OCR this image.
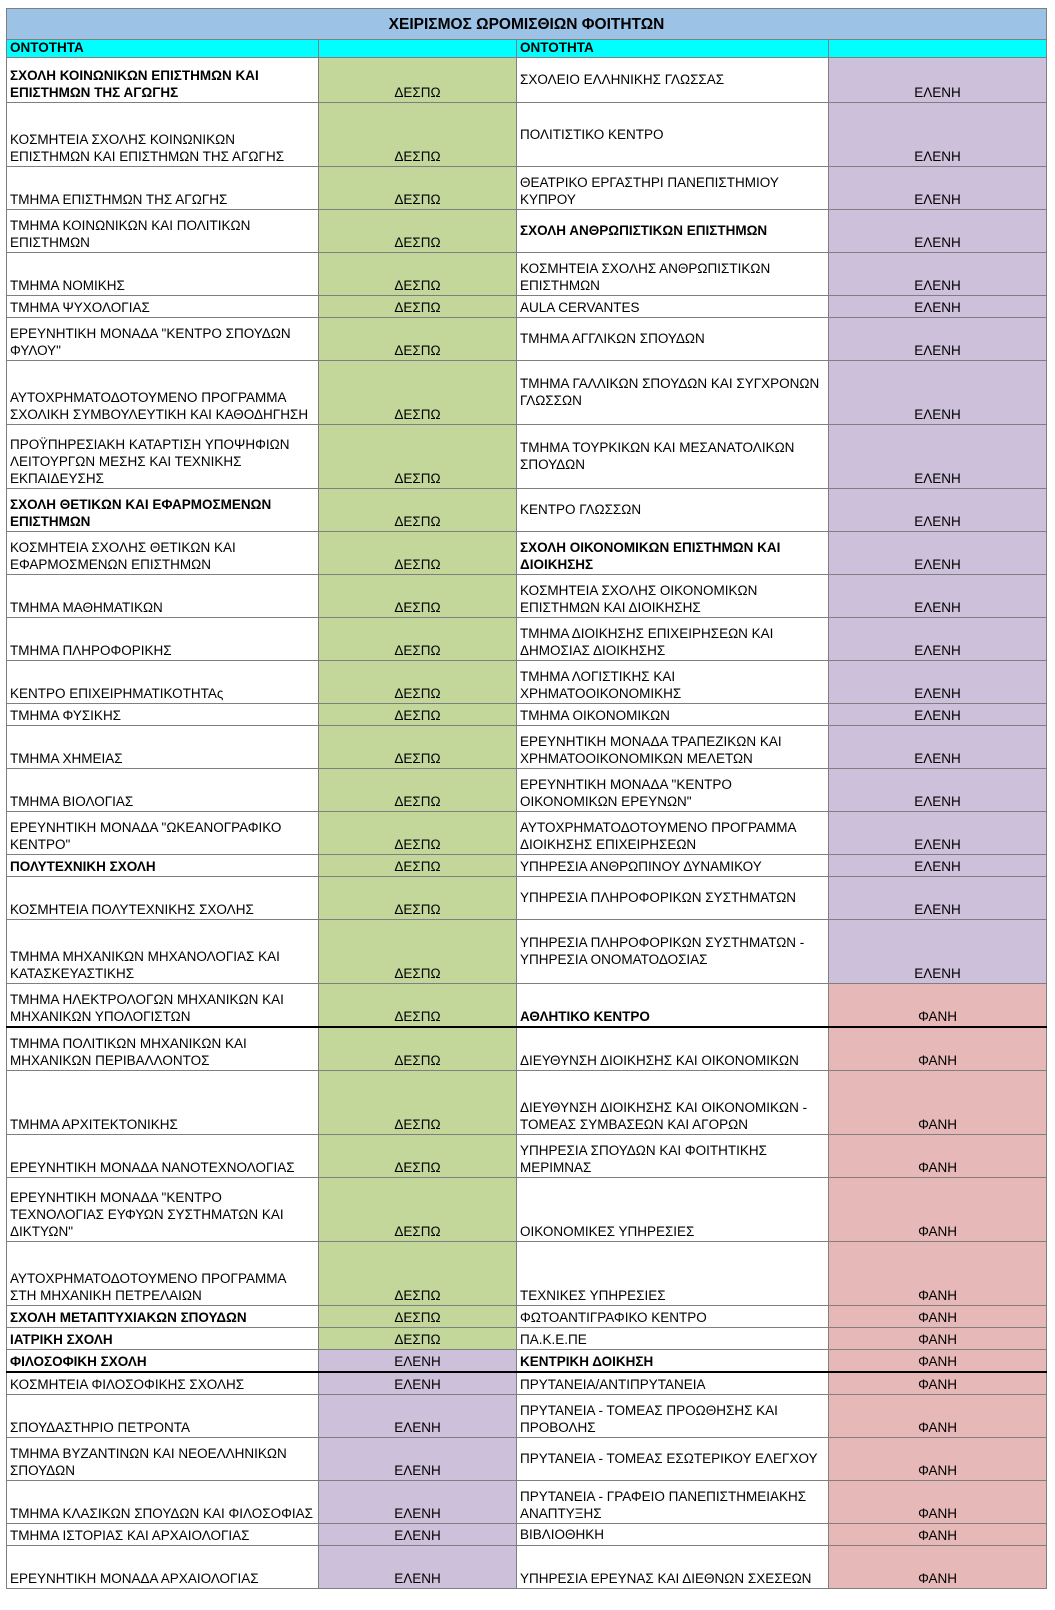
ΧΕΙΡΙΣΜΟΣ ΩΡΟΜΙΣΘΙΩΝ ΦΟΙΤΗΤΩΝ			
ΟΝΤΟΤΗΤΑ		ΟΝΤΟΤΗΤΑ	
ΣΧΟΛΗ ΚΟΙΝΩΝΙΚΩΝ ΕΠΙΣΤΗΜΩΝ ΚΑΙ ΕΠΙΣΤΗΜΩΝ ΤΗΣ ΑΓΩΓΗΣ	ΔΕΣΠΩ	ΣΧΟΛΕΙΟ ΕΛΛΗΝΙΚΗΣ ΓΛΩΣΣΑΣ	ΕΛΕΝΗ
ΚΟΣΜΗΤΕΙΑ ΣΧΟΛΗΣ ΚΟΙΝΩΝΙΚΩΝ ΕΠΙΣΤΗΜΩΝ ΚΑΙ ΕΠΙΣΤΗΜΩΝ ΤΗΣ ΑΓΩΓΗΣ	ΔΕΣΠΩ	ΠΟΛΙΤΙΣΤΙΚΟ ΚΕΝΤΡΟ	ΕΛΕΝΗ
ΤΜΗΜΑ ΕΠΙΣΤΗΜΩΝ ΤΗΣ ΑΓΩΓΗΣ	ΔΕΣΠΩ	ΘΕΑΤΡΙΚΟ ΕΡΓΑΣΤΗΡΙ ΠΑΝΕΠΙΣΤΗΜΙΟΥ ΚΥΠΡΟΥ	ΕΛΕΝΗ
ΤΜΗΜΑ ΚΟΙΝΩΝΙΚΩΝ ΚΑΙ ΠΟΛΙΤΙΚΩΝ ΕΠΙΣΤΗΜΩΝ	ΔΕΣΠΩ	ΣΧΟΛΗ ΑΝΘΡΩΠΙΣΤΙΚΩΝ ΕΠΙΣΤΗΜΩΝ	ΕΛΕΝΗ
ΤΜΗΜΑ ΝΟΜΙΚΗΣ	ΔΕΣΠΩ	ΚΟΣΜΗΤΕΙΑ ΣΧΟΛΗΣ ΑΝΘΡΩΠΙΣΤΙΚΩΝ ΕΠΙΣΤΗΜΩΝ	ΕΛΕΝΗ
ΤΜΗΜΑ ΨΥΧΟΛΟΓΙΑΣ	ΔΕΣΠΩ	AULA CERVANTES	ΕΛΕΝΗ
ΕΡΕΥΝΗΤΙΚΗ ΜΟΝΑΔΑ "ΚΕΝΤΡΟ ΣΠΟΥΔΩΝ ΦΥΛΟΥ"	ΔΕΣΠΩ	ΤΜΗΜΑ ΑΓΓΛΙΚΩΝ ΣΠΟΥΔΩΝ	ΕΛΕΝΗ
ΑΥΤΟΧΡΗΜΑΤΟΔΟΤΟΥΜΕΝΟ ΠΡΟΓΡΑΜΜΑ ΣΧΟΛΙΚΗ ΣΥΜΒΟΥΛΕΥΤΙΚΗ ΚΑΙ ΚΑΘΟΔΗΓΗΣΗ	ΔΕΣΠΩ	ΤΜΗΜΑ ΓΑΛΛΙΚΩΝ ΣΠΟΥΔΩΝ ΚΑΙ ΣΥΓΧΡΟΝΩΝ ΓΛΩΣΣΩΝ	ΕΛΕΝΗ
ΠΡΟΫΠΗΡΕΣΙΑΚΗ ΚΑΤΑΡΤΙΣΗ ΥΠΟΨΗΦΙΩΝ ΛΕΙΤΟΥΡΓΩΝ ΜΕΣΗΣ ΚΑΙ ΤΕΧΝΙΚΗΣ ΕΚΠΑΙΔΕΥΣΗΣ	ΔΕΣΠΩ	ΤΜΗΜΑ ΤΟΥΡΚΙΚΩΝ ΚΑΙ ΜΕΣΑΝΑΤΟΛΙΚΩΝ ΣΠΟΥΔΩΝ	ΕΛΕΝΗ
ΣΧΟΛΗ ΘΕΤΙΚΩΝ ΚΑΙ ΕΦΑΡΜΟΣΜΕΝΩΝ ΕΠΙΣΤΗΜΩΝ	ΔΕΣΠΩ	ΚΕΝΤΡΟ ΓΛΩΣΣΩΝ	ΕΛΕΝΗ
ΚΟΣΜΗΤΕΙΑ ΣΧΟΛΗΣ ΘΕΤΙΚΩΝ ΚΑΙ ΕΦΑΡΜΟΣΜΕΝΩΝ ΕΠΙΣΤΗΜΩΝ	ΔΕΣΠΩ	ΣΧΟΛΗ ΟΙΚΟΝΟΜΙΚΩΝ ΕΠΙΣΤΗΜΩΝ ΚΑΙ ΔΙΟΙΚΗΣΗΣ	ΕΛΕΝΗ
ΤΜΗΜΑ ΜΑΘΗΜΑΤΙΚΩΝ	ΔΕΣΠΩ	ΚΟΣΜΗΤΕΙΑ ΣΧΟΛΗΣ ΟΙΚΟΝΟΜΙΚΩΝ ΕΠΙΣΤΗΜΩΝ ΚΑΙ ΔΙΟΙΚΗΣΗΣ	ΕΛΕΝΗ
ΤΜΗΜΑ ΠΛΗΡΟΦΟΡΙΚΗΣ	ΔΕΣΠΩ	ΤΜΗΜΑ ΔΙΟΙΚΗΣΗΣ ΕΠΙΧΕΙΡΗΣΕΩΝ ΚΑΙ ΔΗΜΟΣΙΑΣ ΔΙΟΙΚΗΣΗΣ	ΕΛΕΝΗ
ΚΕΝΤΡΟ ΕΠΙΧΕΙΡΗΜΑΤΙΚΟΤΗΤΑς	ΔΕΣΠΩ	ΤΜΗΜΑ ΛΟΓΙΣΤΙΚΗΣ ΚΑΙ ΧΡΗΜΑΤΟΟΙΚΟΝΟΜΙΚΗΣ	ΕΛΕΝΗ
ΤΜΗΜΑ ΦΥΣΙΚΗΣ	ΔΕΣΠΩ	ΤΜΗΜΑ ΟΙΚΟΝΟΜΙΚΩΝ	ΕΛΕΝΗ
ΤΜΗΜΑ ΧΗΜΕΙΑΣ	ΔΕΣΠΩ	ΕΡΕΥΝΗΤΙΚΗ ΜΟΝΑΔΑ ΤΡΑΠΕΖΙΚΩΝ ΚΑΙ ΧΡΗΜΑΤΟΟΙΚΟΝΟΜΙΚΩΝ ΜΕΛΕΤΩΝ	ΕΛΕΝΗ
ΤΜΗΜΑ ΒΙΟΛΟΓΙΑΣ	ΔΕΣΠΩ	ΕΡΕΥΝΗΤΙΚΗ ΜΟΝΑΔΑ "ΚΕΝΤΡΟ ΟΙΚΟΝΟΜΙΚΩΝ ΕΡΕΥΝΩΝ"	ΕΛΕΝΗ
ΕΡΕΥΝΗΤΙΚΗ ΜΟΝΑΔΑ "ΩΚΕΑΝΟΓΡΑΦΙΚΟ ΚΕΝΤΡΟ"	ΔΕΣΠΩ	ΑΥΤΟΧΡΗΜΑΤΟΔΟΤΟΥΜΕΝΟ ΠΡΟΓΡΑΜΜΑ ΔΙΟΙΚΗΣΗΣ ΕΠΙΧΕΙΡΗΣΕΩΝ	ΕΛΕΝΗ
ΠΟΛΥΤΕΧΝΙΚΗ ΣΧΟΛΗ	ΔΕΣΠΩ	ΥΠΗΡΕΣΙΑ ΑΝΘΡΩΠΙΝΟΥ ΔΥΝΑΜΙΚΟΥ	ΕΛΕΝΗ
ΚΟΣΜΗΤΕΙΑ ΠΟΛΥΤΕΧΝΙΚΗΣ ΣΧΟΛΗΣ	ΔΕΣΠΩ	ΥΠΗΡΕΣΙΑ ΠΛΗΡΟΦΟΡΙΚΩΝ ΣΥΣΤΗΜΑΤΩΝ	ΕΛΕΝΗ
ΤΜΗΜΑ ΜΗΧΑΝΙΚΩΝ ΜΗΧΑΝΟΛΟΓΙΑΣ ΚΑΙ ΚΑΤΑΣΚΕΥΑΣΤΙΚΗΣ	ΔΕΣΠΩ	ΥΠΗΡΕΣΙΑ ΠΛΗΡΟΦΟΡΙΚΩΝ ΣΥΣΤΗΜΑΤΩΝ - ΥΠΗΡΕΣΙΑ ΟΝΟΜΑΤΟΔΟΣΙΑΣ	ΕΛΕΝΗ
ΤΜΗΜΑ ΗΛΕΚΤΡΟΛΟΓΩΝ ΜΗΧΑΝΙΚΩΝ ΚΑΙ ΜΗΧΑΝΙΚΩΝ ΥΠΟΛΟΓΙΣΤΩΝ	ΔΕΣΠΩ	ΑΘΛΗΤΙΚΟ ΚΕΝΤΡΟ	ΦΑΝΗ
ΤΜΗΜΑ ΠΟΛΙΤΙΚΩΝ ΜΗΧΑΝΙΚΩΝ ΚΑΙ ΜΗΧΑΝΙΚΩΝ ΠΕΡΙΒΑΛΛΟΝΤΟΣ	ΔΕΣΠΩ	ΔΙΕΥΘΥΝΣΗ ΔΙΟΙΚΗΣΗΣ ΚΑΙ ΟΙΚΟΝΟΜΙΚΩΝ	ΦΑΝΗ
ΤΜΗΜΑ ΑΡΧΙΤΕΚΤΟΝΙΚΗΣ	ΔΕΣΠΩ	ΔΙΕΥΘΥΝΣΗ ΔΙΟΙΚΗΣΗΣ ΚΑΙ ΟΙΚΟΝΟΜΙΚΩΝ - ΤΟΜΕΑΣ ΣΥΜΒΑΣΕΩΝ ΚΑΙ ΑΓΟΡΩΝ	ΦΑΝΗ
ΕΡΕΥΝΗΤΙΚΗ ΜΟΝΑΔΑ ΝΑΝΟΤΕΧΝΟΛΟΓΙΑΣ	ΔΕΣΠΩ	ΥΠΗΡΕΣΙΑ ΣΠΟΥΔΩΝ ΚΑΙ ΦΟΙΤΗΤΙΚΗΣ ΜΕΡΙΜΝΑΣ	ΦΑΝΗ
ΕΡΕΥΝΗΤΙΚΗ ΜΟΝΑΔΑ "ΚΕΝΤΡΟ ΤΕΧΝΟΛΟΓΙΑΣ ΕΥΦΥΩΝ ΣΥΣΤΗΜΑΤΩΝ ΚΑΙ ΔΙΚΤΥΩΝ"	ΔΕΣΠΩ	ΟΙΚΟΝΟΜΙΚΕΣ ΥΠΗΡΕΣΙΕΣ	ΦΑΝΗ
ΑΥΤΟΧΡΗΜΑΤΟΔΟΤΟΥΜΕΝΟ ΠΡΟΓΡΑΜΜΑ ΣΤΗ ΜΗΧΑΝΙΚΗ ΠΕΤΡΕΛΑΙΩΝ	ΔΕΣΠΩ	ΤΕΧΝΙΚΕΣ ΥΠΗΡΕΣΙΕΣ	ΦΑΝΗ
ΣΧΟΛΗ ΜΕΤΑΠΤΥΧΙΑΚΩΝ ΣΠΟΥΔΩΝ	ΔΕΣΠΩ	ΦΩΤΟΑΝΤΙΓΡΑΦΙΚΟ ΚΕΝΤΡΟ	ΦΑΝΗ
ΙΑΤΡΙΚΗ ΣΧΟΛΗ	ΔΕΣΠΩ	ΠΑ.Κ.Ε.ΠΕ	ΦΑΝΗ
ΦΙΛΟΣΟΦΙΚΗ ΣΧΟΛΗ	ΕΛΕΝΗ	ΚΕΝΤΡΙΚΗ ΔΟΙΚΗΣΗ	ΦΑΝΗ
ΚΟΣΜΗΤΕΙΑ ΦΙΛΟΣΟΦΙΚΗΣ ΣΧΟΛΗΣ	ΕΛΕΝΗ	ΠΡΥΤΑΝΕΙΑ/ΑΝΤΙΠΡΥΤΑΝΕΙΑ	ΦΑΝΗ
ΣΠΟΥΔΑΣΤΗΡΙΟ ΠΕΤΡΟΝΤΑ	ΕΛΕΝΗ	ΠΡΥΤΑΝΕΙΑ - ΤΟΜΕΑΣ ΠΡΟΩΘΗΣΗΣ ΚΑΙ ΠΡΟΒΟΛΗΣ	ΦΑΝΗ
ΤΜΗΜΑ ΒΥΖΑΝΤΙΝΩΝ ΚΑΙ ΝΕΟΕΛΛΗΝΙΚΩΝ ΣΠΟΥΔΩΝ	ΕΛΕΝΗ	ΠΡΥΤΑΝΕΙΑ - ΤΟΜΕΑΣ ΕΣΩΤΕΡΙΚΟΥ ΕΛΕΓΧΟΥ	ΦΑΝΗ
ΤΜΗΜΑ ΚΛΑΣΙΚΩΝ ΣΠΟΥΔΩΝ ΚΑΙ ΦΙΛΟΣΟΦΙΑΣ	ΕΛΕΝΗ	ΠΡΥΤΑΝΕΙΑ - ΓΡΑΦΕΙΟ ΠΑΝΕΠΙΣΤΗΜΕΙΑΚΗΣ ΑΝΑΠΤΥΞΗΣ	ΦΑΝΗ
ΤΜΗΜΑ ΙΣΤΟΡΙΑΣ ΚΑΙ ΑΡΧΑΙΟΛΟΓΙΑΣ	ΕΛΕΝΗ	ΒΙΒΛΙΟΘΗΚΗ	ΦΑΝΗ
ΕΡΕΥΝΗΤΙΚΗ ΜΟΝΑΔΑ ΑΡΧΑΙΟΛΟΓΙΑΣ	ΕΛΕΝΗ	ΥΠΗΡΕΣΙΑ ΕΡΕΥΝΑΣ ΚΑΙ ΔΙΕΘΝΩΝ ΣΧΕΣΕΩΝ	ΦΑΝΗ
